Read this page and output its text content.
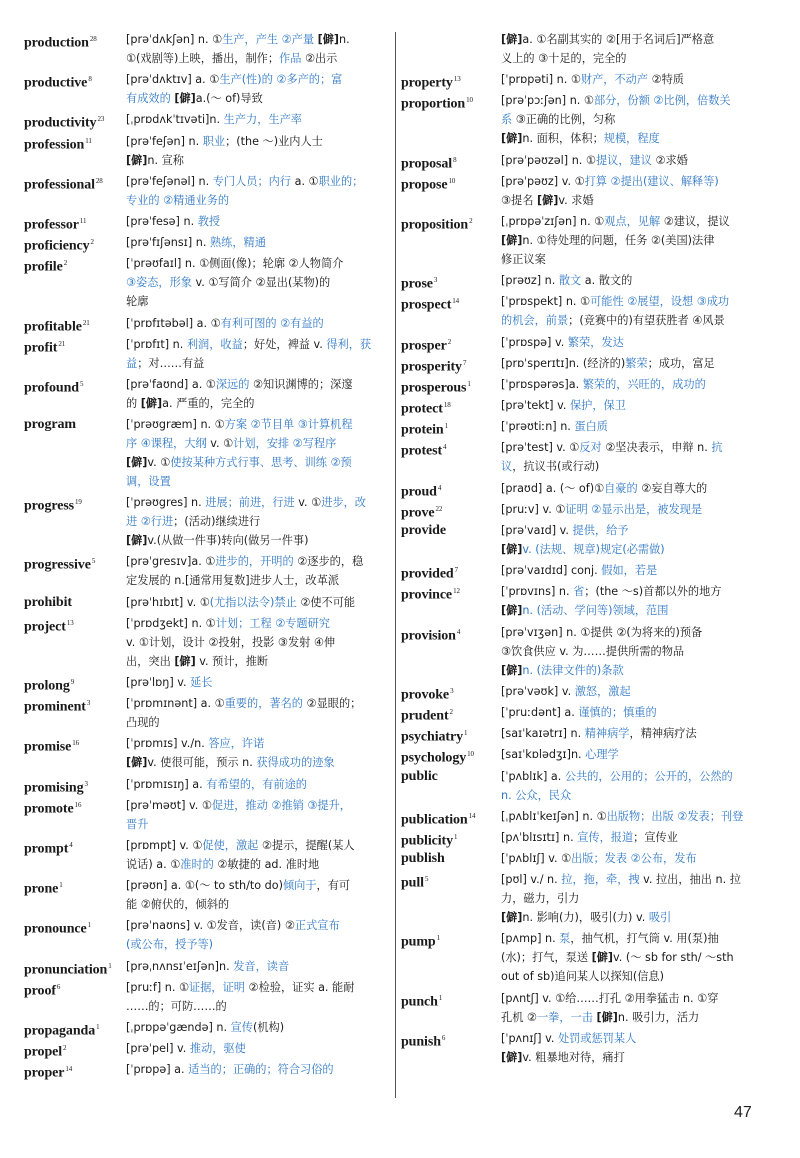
production$^{28}$	[prəˈdʌkʃən] n. ①生产，产生 ②产量 [僻]n.
①(戏剧等)上映，播出，制作；作品 ②出示
productive$^8$	[prəˈdʌktɪv] a. ①生产(性)的 ②多产的；富
有成效的 [僻]a.(～ of)导致
productivity$^{23}$ [ˌprɒdʌkˈtɪvəti]n. 生产力，生产率
profession$^{11}$	[prəˈfeʃən] n. 职业；(the ～)业内人士
[僻]n. 宣称
professional$^{28}$ [prəˈfeʃənəl] n. 专门人员；内行 a. ①职业的；
专业的 ②精通业务的
professor$^{11}$	[prəˈfesə] n. 教授
proficiency$^2$	[prəˈfɪʃənsɪ] n. 熟练，精通
profile$^2$	[ˈprəʊfaɪl] n. ①侧面(像)；轮廓 ②人物简介
③姿态，形象 v. ①写简介 ②显出(某物)的
轮廓
profitable$^{21}$	[ˈprɒfɪtəbəl] a. ①有利可图的 ②有益的
profit$^{21}$	[ˈprɒfɪt] n. 利润，收益；好处，裨益 v. 得利，获
益；对……有益
profound$^5$	[prəˈfaʊnd] a. ①深远的 ②知识渊博的；深邃
的 [僻]a. 严重的，完全的
program	[ˈprəʊgræm] n. ①方案 ②节目单 ③计算机程
序 ④课程，大纲 v. ①计划，安排 ②写程序
[僻]v. ①使按某种方式行事、思考、训练 ②预
调，设置
progress$^{19}$	[ˈprəʊgres] n. 进展；前进，行进 v. ①进步，改
进 ②行进；(活动)继续进行
[僻]v.(从做一件事)转向(做另一件事)
progressive$^5$	[prəˈgresɪv]a. ①进步的，开明的 ②逐步的，稳
定发展的 n.[通常用复数]进步人士，改革派
prohibit	[prəˈhɪbɪt] v. ①(尤指以法令)禁止 ②使不可能
project$^{13}$	[ˈprɒdʒekt] n. ①计划；工程 ②专题研究
v. ①计划，设计 ②投射，投影 ③发射 ④伸
出，突出 [僻] v. 预计，推断
prolong$^9$	[prəˈlɒŋ] v. 延长
prominent$^3$	[ˈprɒmɪnənt] a. ①重要的，著名的 ②显眼的；
凸现的
promise$^{16}$	[ˈprɒmɪs] v./n. 答应，许诺
[僻]v. 使很可能，预示 n. 获得成功的迹象
promising$^3$	[ˈprɒmɪsɪŋ] a. 有希望的，有前途的
promote$^{16}$	[prəˈməʊt] v. ①促进，推动 ②推销 ③提升，
晋升
prompt$^4$	[prɒmpt] v. ①促使，激起 ②提示，提醒(某人
说话) a. ①准时的 ②敏捷的 ad. 准时地
prone$^1$	[prəʊn] a. ①(～ to sth/to do)倾向于，有可
能 ②俯伏的，倾斜的
pronounce$^1$	[prəˈnaʊns] v. ①发音，读(音) ②正式宣布
(或公布，授予等)
pronunciation$^1$ [prəˌnʌnsɪˈeɪʃən]n. 发音，读音
proof$^6$	[pruːf] n. ①证据，证明 ②检验，证实 a. 能耐
……的；可防……的
propaganda$^1$ [ˌprɒpəˈgændə] n. 宣传(机构)
propel$^2$	[prəˈpel] v. 推动，驱使
proper$^{14}$	[ˈprɒpə] a. 适当的；正确的；符合习俗的
[僻]a. ①名副其实的 ②[用于名词后]严格意
义上的 ③十足的，完全的
property$^{13}$	[ˈprɒpəti] n. ①财产，不动产 ②特质
proportion$^{10}$	[prəˈpɔːʃən] n. ①部分，份额 ②比例，倍数关
系 ③正确的比例，匀称
[僻]n. 面积，体积；规模，程度
proposal$^8$	[prəˈpəʊzəl] n. ①提议，建议 ②求婚
propose$^{10}$	[prəˈpəʊz] v. ①打算 ②提出(建议、解释等)
③提名 [僻]v. 求婚
proposition$^2$	[ˌprɒpəˈzɪʃən] n. ①观点，见解 ②建议，提议
[僻]n. ①待处理的问题，任务 ②(美国)法律
修正议案
prose$^3$	[prəʊz] n. 散文 a. 散文的
prospect$^{14}$	[ˈprɒspekt] n. ①可能性 ②展望，设想 ③成功
的机会，前景；(竞赛中的)有望获胜者 ④风景
prosper$^2$	[ˈprɒspə] v. 繁荣，发达
prosperity$^7$	[prɒˈsperɪtɪ]n. (经济的)繁荣；成功，富足
prosperous$^1$	[ˈprɒspərəs]a. 繁荣的，兴旺的，成功的
protect$^{18}$	[prəˈtekt] v. 保护，保卫
protein$^1$	[ˈprəʊtiːn] n. 蛋白质
protest$^4$	[prəˈtest] v. ①反对 ②坚决表示，申辩 n. 抗
议，抗议书(或行动)
proud$^4$	[praʊd] a. (～ of)①自豪的 ②妄自尊大的
prove$^{22}$	[pruːv] v. ①证明 ②显示出是，被发现是
provide	[prəˈvaɪd] v. 提供，给予
[僻]v. (法规、规章)规定(必需做)
provided$^7$	[prəˈvaɪdɪd] conj. 假如，若是
province$^{12}$	[ˈprɒvɪns] n. 省；(the ～s)首都以外的地方
[僻]n. (活动、学问等)领域，范围
provision$^4$	[prəˈvɪʒən] n. ①提供 ②(为将来的)预备
③饮食供应 v. 为……提供所需的物品
[僻]n. (法律文件的)条款
provoke$^3$	[prəˈvəʊk] v. 激怒，激起
prudent$^2$	[ˈpruːdənt] a. 谨慎的；慎重的
psychiatry$^1$	[saɪˈkaɪətrɪ] n. 精神病学，精神病疗法
psychology$^{10}$ [saɪˈkɒlədʒɪ]n. 心理学
public	[ˈpʌblɪk] a. 公共的，公用的；公开的，公然的
n. 公众，民众
publication$^{14}$ [ˌpʌblɪˈkeɪʃən] n. ①出版物；出版 ②发表；刊登
publicity$^1$	[pʌˈblɪsɪtɪ] n. 宣传，报道；宣传业
publish	[ˈpʌblɪʃ] v. ①出版；发表 ②公布，发布
pull$^5$	[pʊl] v./ n. 拉，拖，牵，拽 v. 拉出，抽出 n. 拉
力，磁力，引力
[僻]n. 影响(力)，吸引(力) v. 吸引
pump$^1$	[pʌmp] n. 泵，抽气机，打气筒 v. 用(泵)抽
(水)；打气，泵送 [僻]v. (～ sb for sth/ ～sth
out of sb)追问某人以探知(信息)
punch$^1$	[pʌntʃ] v. ①给……打孔 ②用拳猛击 n. ①穿
孔机 ②一拳，一击 [僻]n. 吸引力，活力
punish$^6$	[ˈpʌnɪʃ] v. 处罚或惩罚某人
[僻]v. 粗暴地对待，痛打
47
